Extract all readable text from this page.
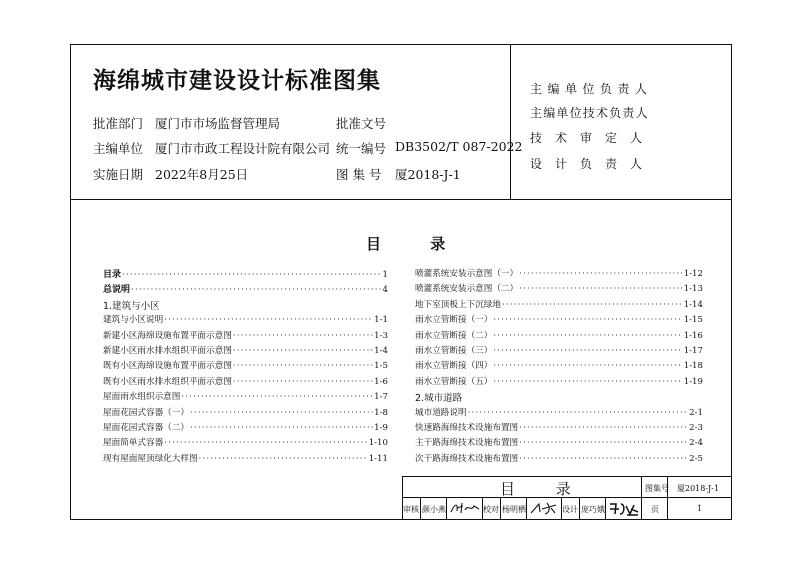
海绵城市建设设计标准图集
批准部门 厦门市市场监督管理局	批准文号
主编单位 厦门市市政工程设计院有限公司 统一编号 DB3502/T 087-2022
实施日期 2022年8月25日	图 集 号 厦2018-J-1
主编单位负责人
主编单位技术负责人
技术审定人
设计负责人
目 录
目录 ·····	1
总说明 ·····	4
1.建筑与小区
建筑与小区说明 ·····	1-1
新建小区海绵设施布置平面示意图 ·····	1-3
新建小区雨水排水组织平面示意图 ·····	1-4
既有小区海绵设施布置平面示意图 ·····	1-5
既有小区雨水排水组织平面示意图 ·····	1-6
屋面雨水组织示意图 ·····	1-7
屋面花园式容器（一） ·····	1-8
屋面花园式容器（二） ·····	1-9
屋面简单式容器 ·····	1-10
现有屋面屋顶绿化大样图 ·····	1-11
喷灌系统安装示意图（一） ·····	1-12
喷灌系统安装示意图（二） ·····	1-13
地下室顶板上下沉绿地 ·····	1-14
雨水立管断接（一） ·····	1-15
雨水立管断接（二） ·····	1-16
雨水立管断接（三） ·····	1-17
雨水立管断接（四） ·····	1-18
雨水立管断接（五） ·····	1-19
2.城市道路
城市道路说明 ·····	2-1
快速路海绵技术设施布置图 ·····	2-3
主干路海绵技术设施布置图 ·····	2-4
次干路海绵技术设施布置图 ·····	2-5
目 录	图集号 厦2018-J-1
审核 颜小燕	校对 杨明栖	设计 庞巧娥	页	1
